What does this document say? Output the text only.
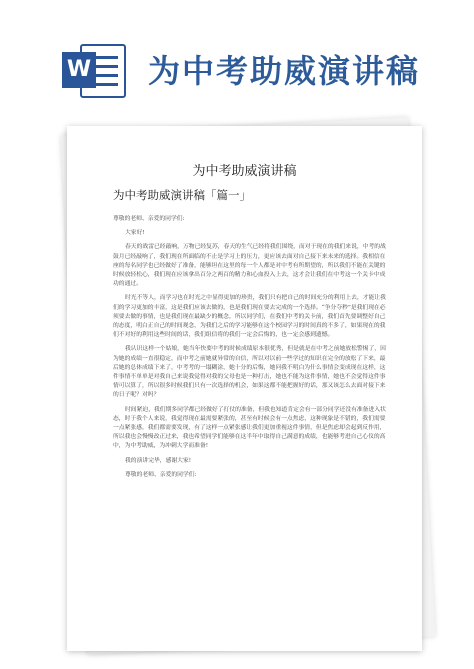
W 为中考助威演讲稿
为中考助威演讲稿
为中考助威演讲稿「篇一」

尊敬的老师、亲爱的同学们:

大家好!

春天的战雷已经敲响，万物已经复苏，春天的生气已经将我们围绕，而对于现在的我们来说，中考的战鼓月已经敲响了，我们现在所面临的不止是学习上的压力，更应该去面对自己接下来未来的选择。我相信在座的每名同学也已经做好了准备，能够坦在这里的每一个人都是对中考有所期望的，所以我们不能在关键的时候放轻松心，我们现在应该拿出百分之两百的精力和心血投入上去，这才会让我们在中考这一个关卡中成功的通过。

时光不等人，而学习也在时光之中显得更加的珍贵，我们只有把自己的时间充分的利用上去，才能让我们的学习更加的丰富，这是我们应该去做的，也是我们现在要去完成的一个选择。“争分夺秒”是我们现在必须要去做的事情，也是我们现在最缺少的概念，所以同学们，在我们中考的关卡前，我们首先要调整好自己的态度，明白正自己的时间观念，为我们之后的学习能够在这个校园学习的时间真的不多了，如果现在的我们不对好的利用这些时间的话，我们组信将的我们一定会后悔的，也一定会感到遗憾。

我认识这样一个姑娘，她当年快要中考的时候成绩原本很优秀，但是就是在中考之前她放松警惕了，因为她的成绩一直很稳定，而中考之前她就异常的自信，所以对以前一些学过的知识在完全的放松了下来，最后她的总体成绩下来了，中考考的一塌糊涂，她十分的后悔，她问我不明白为什么事情会变成现在这样，这件事情不单单是对我自己来说我觉得对我的父母也是一种打击，她也不能为这件事情，她也不会觉得这件事情可以算了，所以很多时候我们只有一次选择的机会，如果这都不能把握好的话，那又该怎么去面对接下来的日子呢？对吗？

时间紧迫，我们期多同学都已经做好了打仗的准备，但我也知道肯定会有一部分同学还没有准备进入状态，时于我个人来说，我觉得现在最需要紧张的，甚至有时候会有一点焦虑，这种现象是不错的，我们需要一点紧张感，我们都需要发现，有了这样一点紧张感让我们更加重视这件事情，但是焦虑却会起到反作用，所以我也会慢慢改正过来，我也希望同学们能够在这半年中取得自己满意的成绩，也能够考进自己心仪的高中，为中考助威，为冲刺大学而准备!

我的演讲完毕，感谢大家!

尊敬的老师、亲爱的同学们:
